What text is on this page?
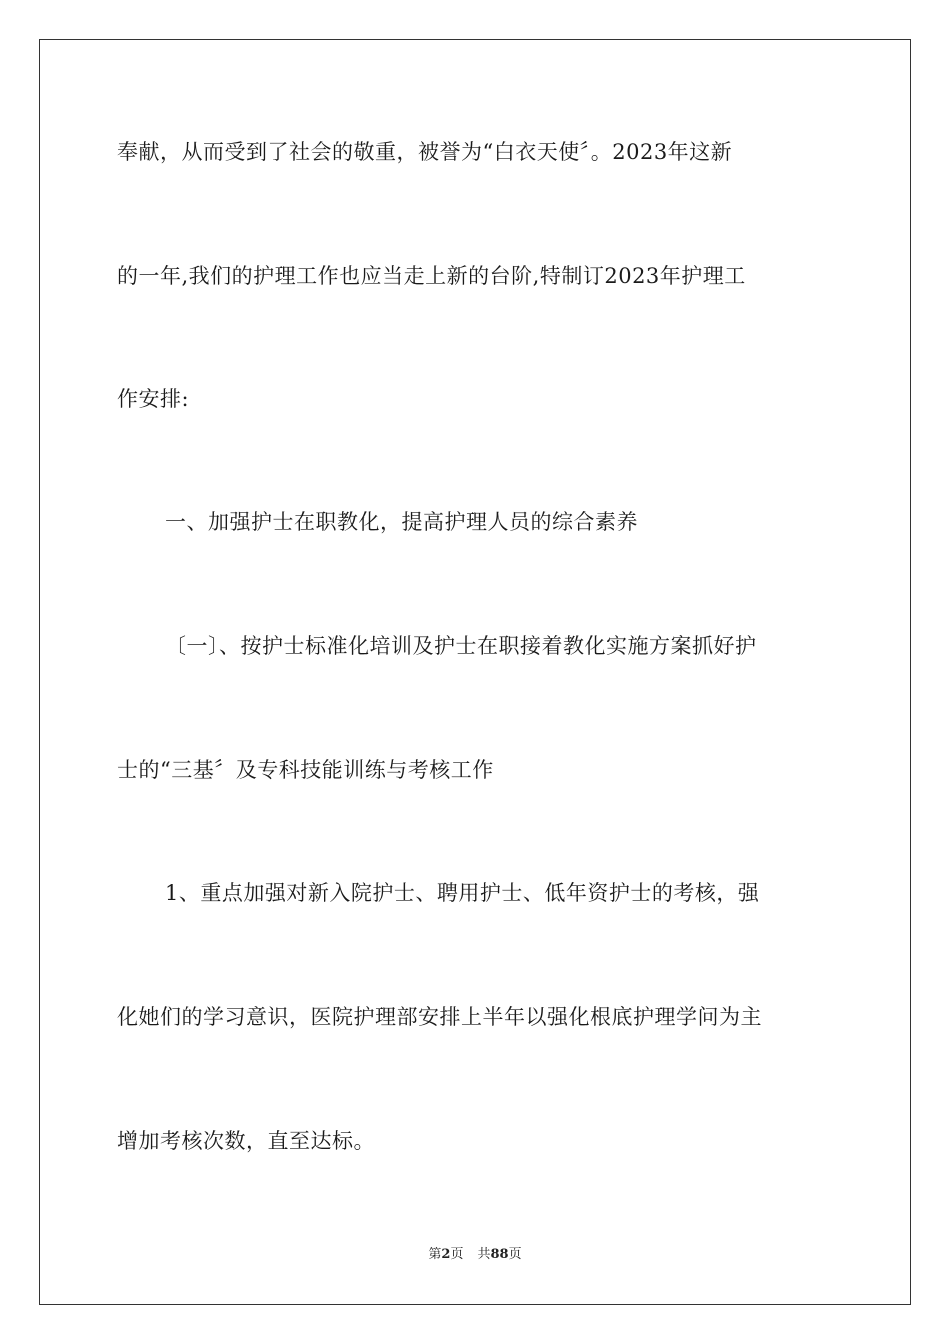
奉献，从而受到了社会的敬重，被誉为“白衣天使〞。2023年这新
的一年,我们的护理工作也应当走上新的台阶,特制订2023年护理工
作安排:
一、加强护士在职教化，提高护理人员的综合素养
〔一〕、按护士标准化培训及护士在职接着教化实施方案抓好护
士的“三基〞及专科技能训练与考核工作
1、重点加强对新入院护士、聘用护士、低年资护士的考核，强
化她们的学习意识，医院护理部安排上半年以强化根底护理学问为主
增加考核次数，直至达标。
第2页 共88页
